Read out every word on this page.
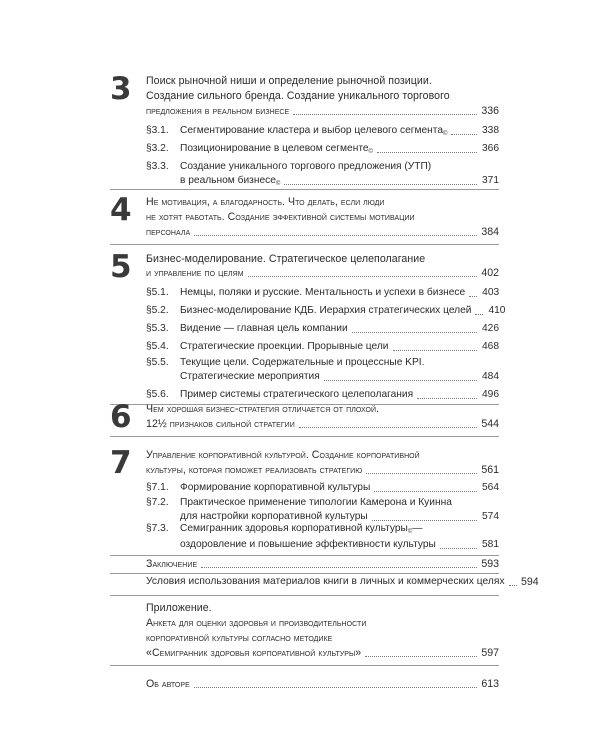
3 Поиск рыночной ниши и определение рыночной позиции.
Создание сильного бренда. Создание уникального торгового
предложения в реальном бизнесе	336
§3.1. Сегментирование кластера и выбор целевого сегмента$_©$	338
§3.2. Позиционирование в целевом сегменте$_©$	366
§3.3. Создание уникального торгового предложения (УТП)
в реальном бизнесе$_©$	371
4 Не мотивация, а благодарность. Что делать, если люди
не хотят работать. Создание эффективной системы мотивации
персонала	384
5 Бизнес-моделирование. Стратегическое целеполагание
и управление по целям	402
§5.1. Немцы, поляки и русские. Ментальность и успехи в бизнесе 403
§5.2. Бизнес-моделирование КДБ. Иерархия стратегических целей 410
§5.3. Видение — главная цель компании	426
§5.4. Стратегические проекции. Прорывные цели	468
§5.5. Текущие цели. Содержательные и процессные KPI.
Стратегические мероприятия	484
§5.6. Пример системы стратегического целеполагания	496
6 Чем хорошая бизнес-стратегия отличается от плохой.
12½ признаков сильной стратегии	544
7 Управление корпоративной культурой. Создание корпоративной
культуры, которая поможет реализовать стратегию	561
§7.1. Формирование корпоративной культуры	564
§7.2. Практическое применение типологии Камерона и Куинна
для настройки корпоративной культуры	574
§7.3. Семигранник здоровья корпоративной культуры$_©$ —
оздоровление и повышение эффективности культуры	581
Заключение	593
Условия использования материалов книги в личных и коммерческих целях 594
Приложение.
Анкета для оценки здоровья и производительности
корпоративной культуры согласно методике
«Семигранник здоровья корпоративной культуры»	597
Об авторе	613
